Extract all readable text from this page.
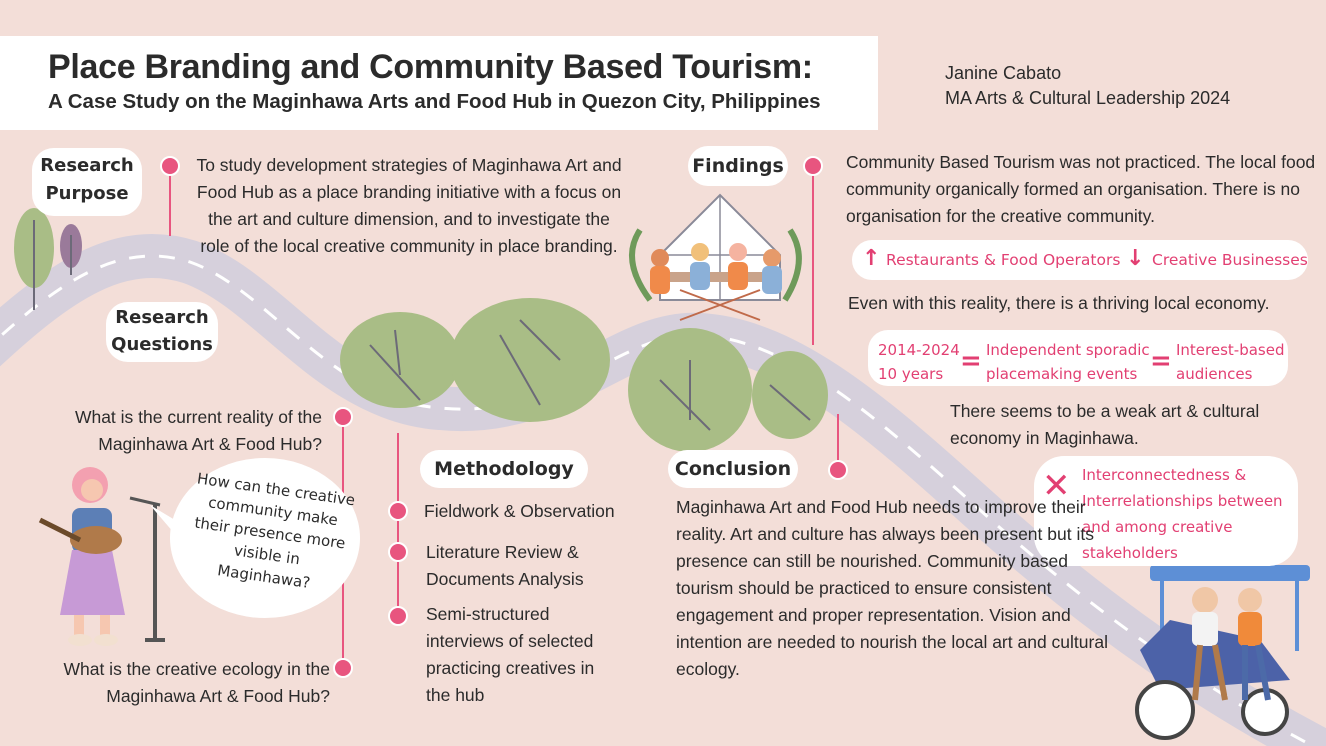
Place Branding and Community Based Tourism:
A Case Study on the Maginhawa Arts and Food Hub in Quezon City, Philippines
Janine Cabato
MA Arts & Cultural Leadership 2024
Research
Purpose
To study development strategies of Maginhawa Art and Food Hub as a place branding initiative with a focus on the art and culture dimension, and to investigate the role of the local creative community in place branding.
Research
Questions
What is the current reality of the Maginhawa Art & Food Hub?
How can the creative community make their presence more visible in Maginhawa?
What is the creative ecology in the Maginhawa Art & Food Hub?
Methodology
Fieldwork & Observation
Literature Review & Documents Analysis
Semi-structured interviews of selected practicing creatives in the hub
Findings	Community Based Tourism was not practiced. The local food community organically formed an organisation. There is no organisation for the creative community.
↑ Restaurants & Food Operators ↓ Creative Businesses
Even with this reality, there is a thriving local economy.
2014-2024
10 years = Independent sporadic
placemaking events = Interest-based
audiences
There seems to be a weak art & cultural economy in Maginhawa.
✕ Interconnectedness & Interrelationships between and among creative stakeholders
Conclusion
Maginhawa Art and Food Hub needs to improve their reality. Art and culture has always been present but its presence can still be nourished. Community based tourism should be practiced to ensure consistent engagement and proper representation. Vision and intention are needed to nourish the local art and cultural ecology.
